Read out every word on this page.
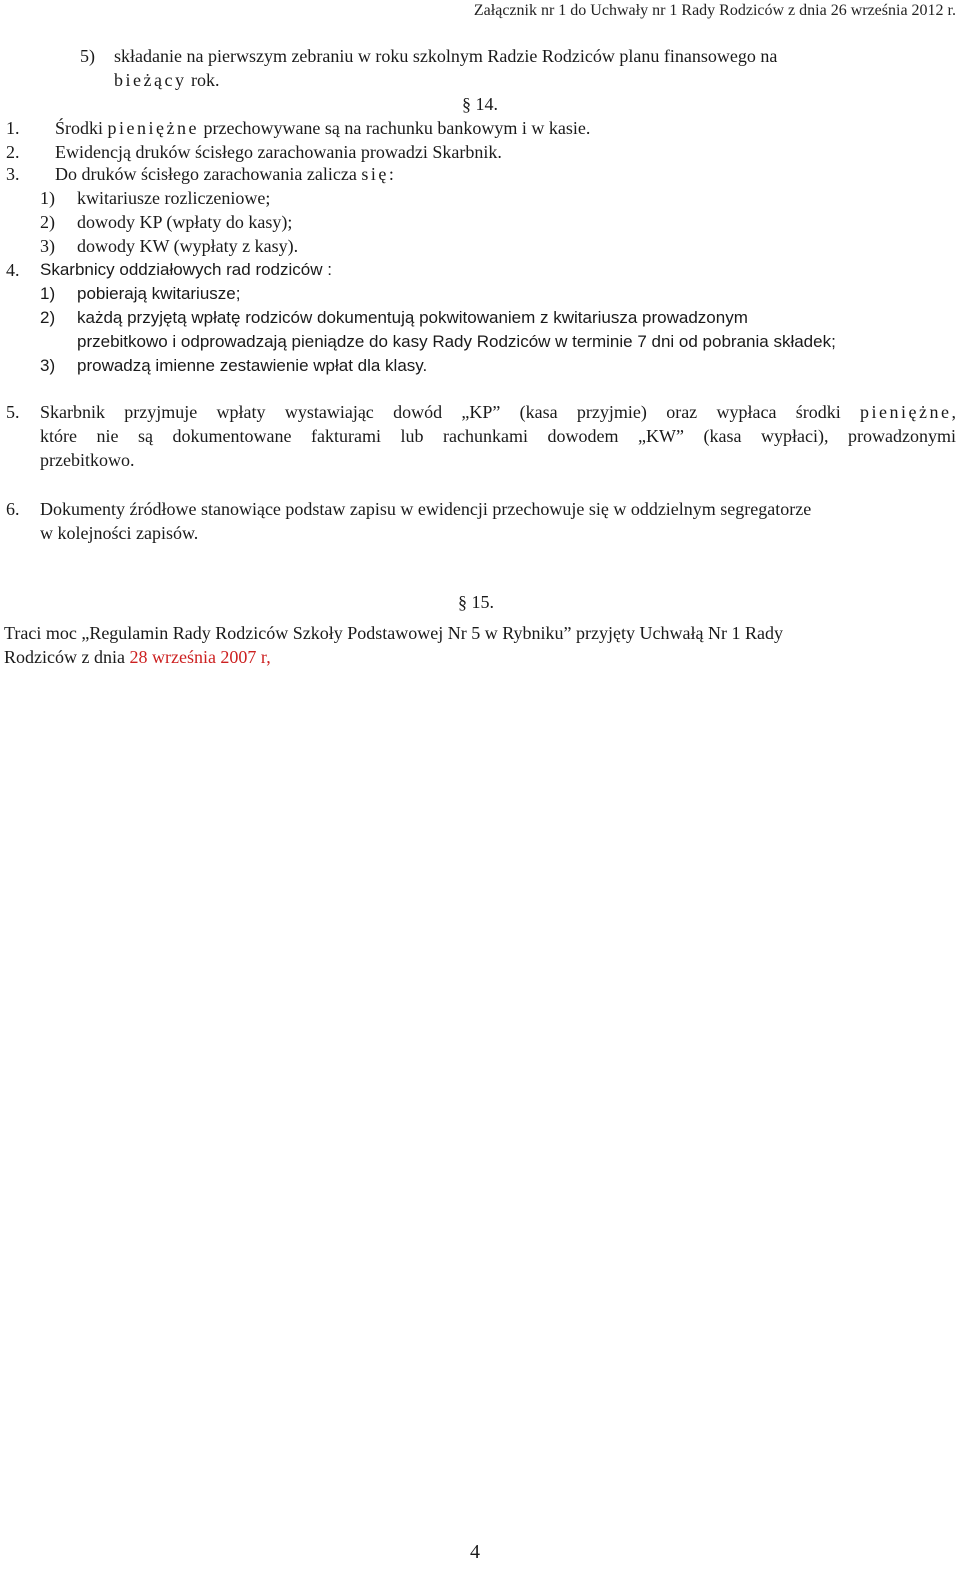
Załącznik nr 1 do Uchwały nr 1 Rady Rodziców z dnia 26 września 2012 r.
5) składanie na pierwszym zebraniu w roku szkolnym Radzie Rodziców planu finansowego na
bieżący rok.
§ 14.
1. Środki pieniężne przechowywane są na rachunku bankowym i w kasie.
2. Ewidencją druków ścisłego zarachowania prowadzi Skarbnik.
3. Do druków ścisłego zarachowania zalicza się:
1) kwitariusze rozliczeniowe;
2) dowody KP (wpłaty do kasy);
3) dowody KW (wypłaty z kasy).
4. Skarbnicy oddziałowych rad rodziców :
1) pobierają kwitariusze;
2) każdą przyjętą wpłatę rodziców dokumentują pokwitowaniem z kwitariusza prowadzonym
przebitkowo i odprowadzają pieniądze do kasy Rady Rodziców w terminie 7 dni od pobrania składek;
3) prowadzą imienne zestawienie wpłat dla klasy.
5. Skarbnik przyjmuje wpłaty wystawiając dowód „KP” (kasa przyjmie) oraz wypłaca środki pieniężne,
które nie są dokumentowane fakturami lub rachunkami dowodem „KW” (kasa wypłaci), prowadzonymi
przebitkowo.
6. Dokumenty źródłowe stanowiące podstaw zapisu w ewidencji przechowuje się w oddzielnym segregatorze
w kolejności zapisów.
§ 15.
Traci moc „Regulamin Rady Rodziców Szkoły Podstawowej Nr 5 w Rybniku” przyjęty Uchwałą Nr 1 Rady
Rodziców z dnia 28 września 2007 r,
4
